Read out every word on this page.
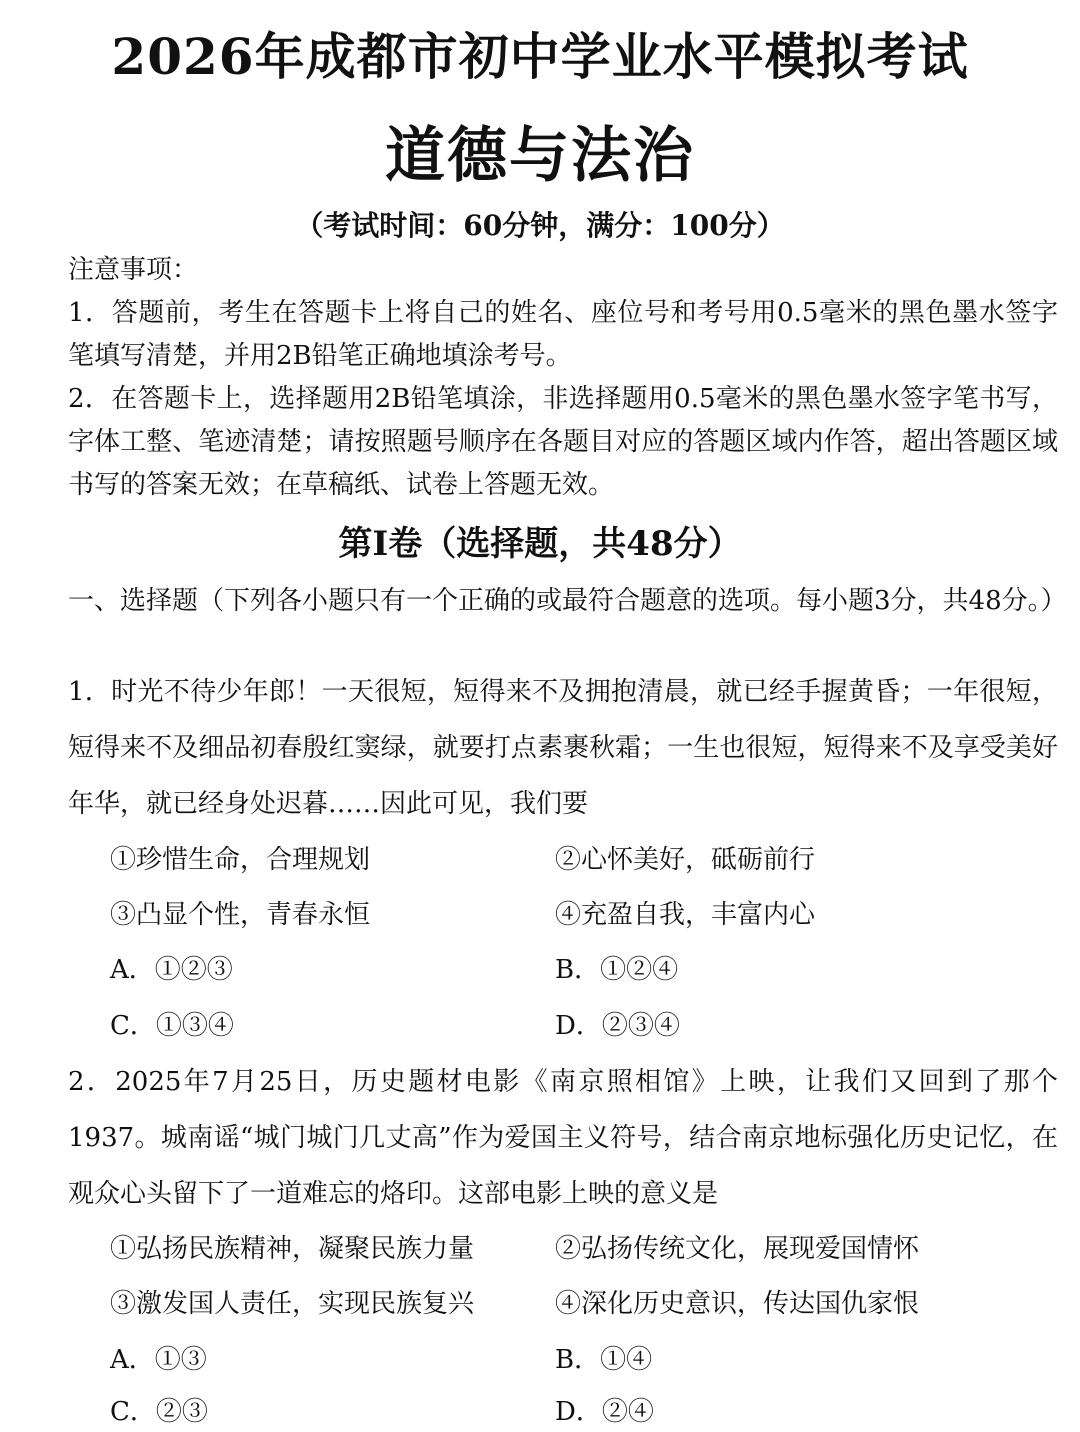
2026年成都市初中学业水平模拟考试
道德与法治
（考试时间：60分钟，满分：100分）
注意事项：
1．答题前，考生在答题卡上将自己的姓名、座位号和考号用0.5毫米的黑色墨水签字笔填写清楚，并用2B铅笔正确地填涂考号。
2．在答题卡上，选择题用2B铅笔填涂，非选择题用0.5毫米的黑色墨水签字笔书写，字体工整、笔迹清楚；请按照题号顺序在各题目对应的答题区域内作答，超出答题区域书写的答案无效；在草稿纸、试卷上答题无效。
第Ⅰ卷（选择题，共48分）
一、选择题（下列各小题只有一个正确的或最符合题意的选项。每小题3分，共48分。）
1．时光不待少年郎！一天很短，短得来不及拥抱清晨，就已经手握黄昏；一年很短，短得来不及细品初春殷红窦绿，就要打点素裹秋霜；一生也很短，短得来不及享受美好年华，就已经身处迟暮……因此可见，我们要
①珍惜生命，合理规划	②心怀美好，砥砺前行
③凸显个性，青春永恒	④充盈自我，丰富内心
A．①②③	B．①②④
C．①③④	D．②③④
2．2025年7月25日，历史题材电影《南京照相馆》上映，让我们又回到了那个1937。城南谣“城门城门几丈高”作为爱国主义符号，结合南京地标强化历史记忆，在观众心头留下了一道难忘的烙印。这部电影上映的意义是
①弘扬民族精神，凝聚民族力量	②弘扬传统文化，展现爱国情怀
③激发国人责任，实现民族复兴	④深化历史意识，传达国仇家恨
A．①③	B．①④
C．②③	D．②④
